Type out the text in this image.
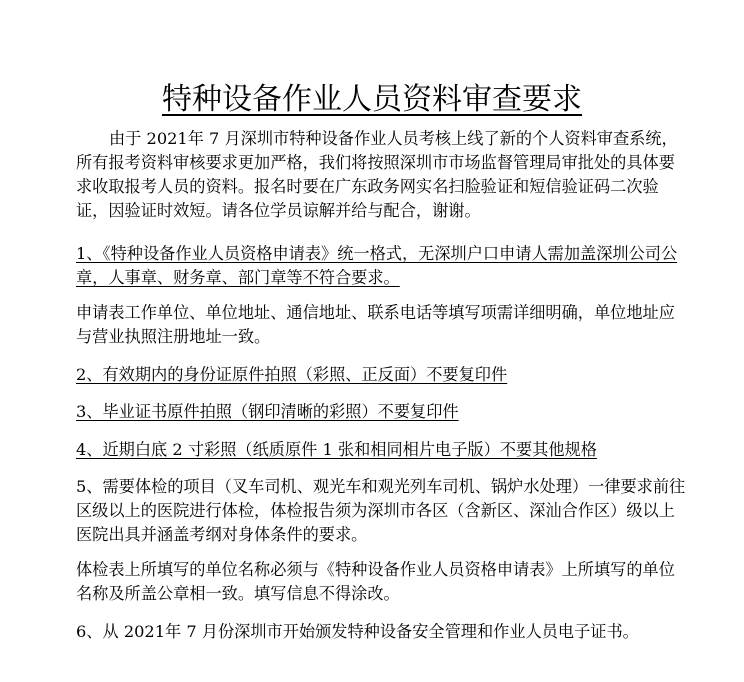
特种设备作业人员资料审查要求

由于 2021年 7 月深圳市特种设备作业人员考核上线了新的个人资料审查系统，所有报考资料审核要求更加严格，我们将按照深圳市市场监督管理局审批处的具体要求收取报考人员的资料。报名时要在广东政务网实名扫脸验证和短信验证码二次验证，因验证时效短。请各位学员谅解并给与配合，谢谢。

1、《特种设备作业人员资格申请表》统一格式，无深圳户口申请人需加盖深圳公司公章，人事章、财务章、部门章等不符合要求。

申请表工作单位、单位地址、通信地址、联系电话等填写项需详细明确，单位地址应与营业执照注册地址一致。

2、有效期内的身份证原件拍照（彩照、正反面）不要复印件

3、毕业证书原件拍照（钢印清晰的彩照）不要复印件

4、近期白底 2 寸彩照（纸质原件 1 张和相同相片电子版）不要其他规格

5、需要体检的项目（叉车司机、观光车和观光列车司机、锅炉水处理）一律要求前往区级以上的医院进行体检，体检报告须为深圳市各区（含新区、深汕合作区）级以上医院出具并涵盖考纲对身体条件的要求。

体检表上所填写的单位名称必须与《特种设备作业人员资格申请表》上所填写的单位名称及所盖公章相一致。填写信息不得涂改。

6、从 2021年 7 月份深圳市开始颁发特种设备安全管理和作业人员电子证书。
